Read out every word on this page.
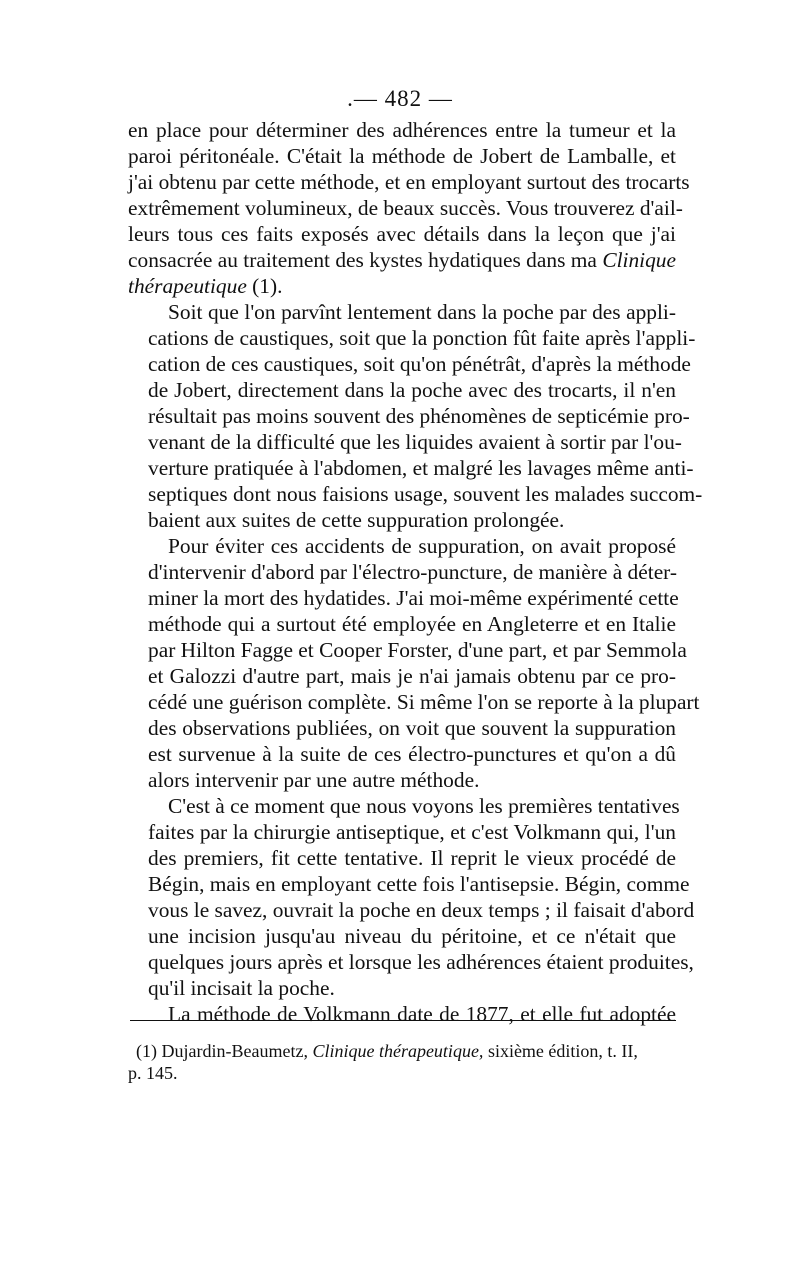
.— 482 —

en place pour déterminer des adhérences entre la tumeur et la
paroi péritonéale. C'était la méthode de Jobert de Lamballe, et
j'ai obtenu par cette méthode, et en employant surtout des trocarts
extrêmement volumineux, de beaux succès. Vous trouverez d'ail-
leurs tous ces faits exposés avec détails dans la leçon que j'ai
consacrée au traitement des kystes hydatiques dans ma Clinique
thérapeutique (1).

Soit que l'on parvînt lentement dans la poche par des appli-
cations de caustiques, soit que la ponction fût faite après l'appli-
cation de ces caustiques, soit qu'on pénétrât, d'après la méthode
de Jobert, directement dans la poche avec des trocarts, il n'en
résultait pas moins souvent des phénomènes de septicémie pro-
venant de la difficulté que les liquides avaient à sortir par l'ou-
verture pratiquée à l'abdomen, et malgré les lavages même anti-
septiques dont nous faisions usage, souvent les malades succom-
baient aux suites de cette suppuration prolongée.

Pour éviter ces accidents de suppuration, on avait proposé
d'intervenir d'abord par l'électro-puncture, de manière à déter-
miner la mort des hydatides. J'ai moi-même expérimenté cette
méthode qui a surtout été employée en Angleterre et en Italie
par Hilton Fagge et Cooper Forster, d'une part, et par Semmola
et Galozzi d'autre part, mais je n'ai jamais obtenu par ce pro-
cédé une guérison complète. Si même l'on se reporte à la plupart
des observations publiées, on voit que souvent la suppuration
est survenue à la suite de ces électro-punctures et qu'on a dû
alors intervenir par une autre méthode.

C'est à ce moment que nous voyons les premières tentatives
faites par la chirurgie antiseptique, et c'est Volkmann qui, l'un
des premiers, fit cette tentative. Il reprit le vieux procédé de
Bégin, mais en employant cette fois l'antisepsie. Bégin, comme
vous le savez, ouvrait la poche en deux temps ; il faisait d'abord
une incision jusqu'au niveau du péritoine, et ce n'était que
quelques jours après et lorsque les adhérences étaient produites,
qu'il incisait la poche.

La méthode de Volkmann date de 1877, et elle fut adoptée

(1) Dujardin-Beaumetz, Clinique thérapeutique, sixième édition, t. II,
p. 145.
